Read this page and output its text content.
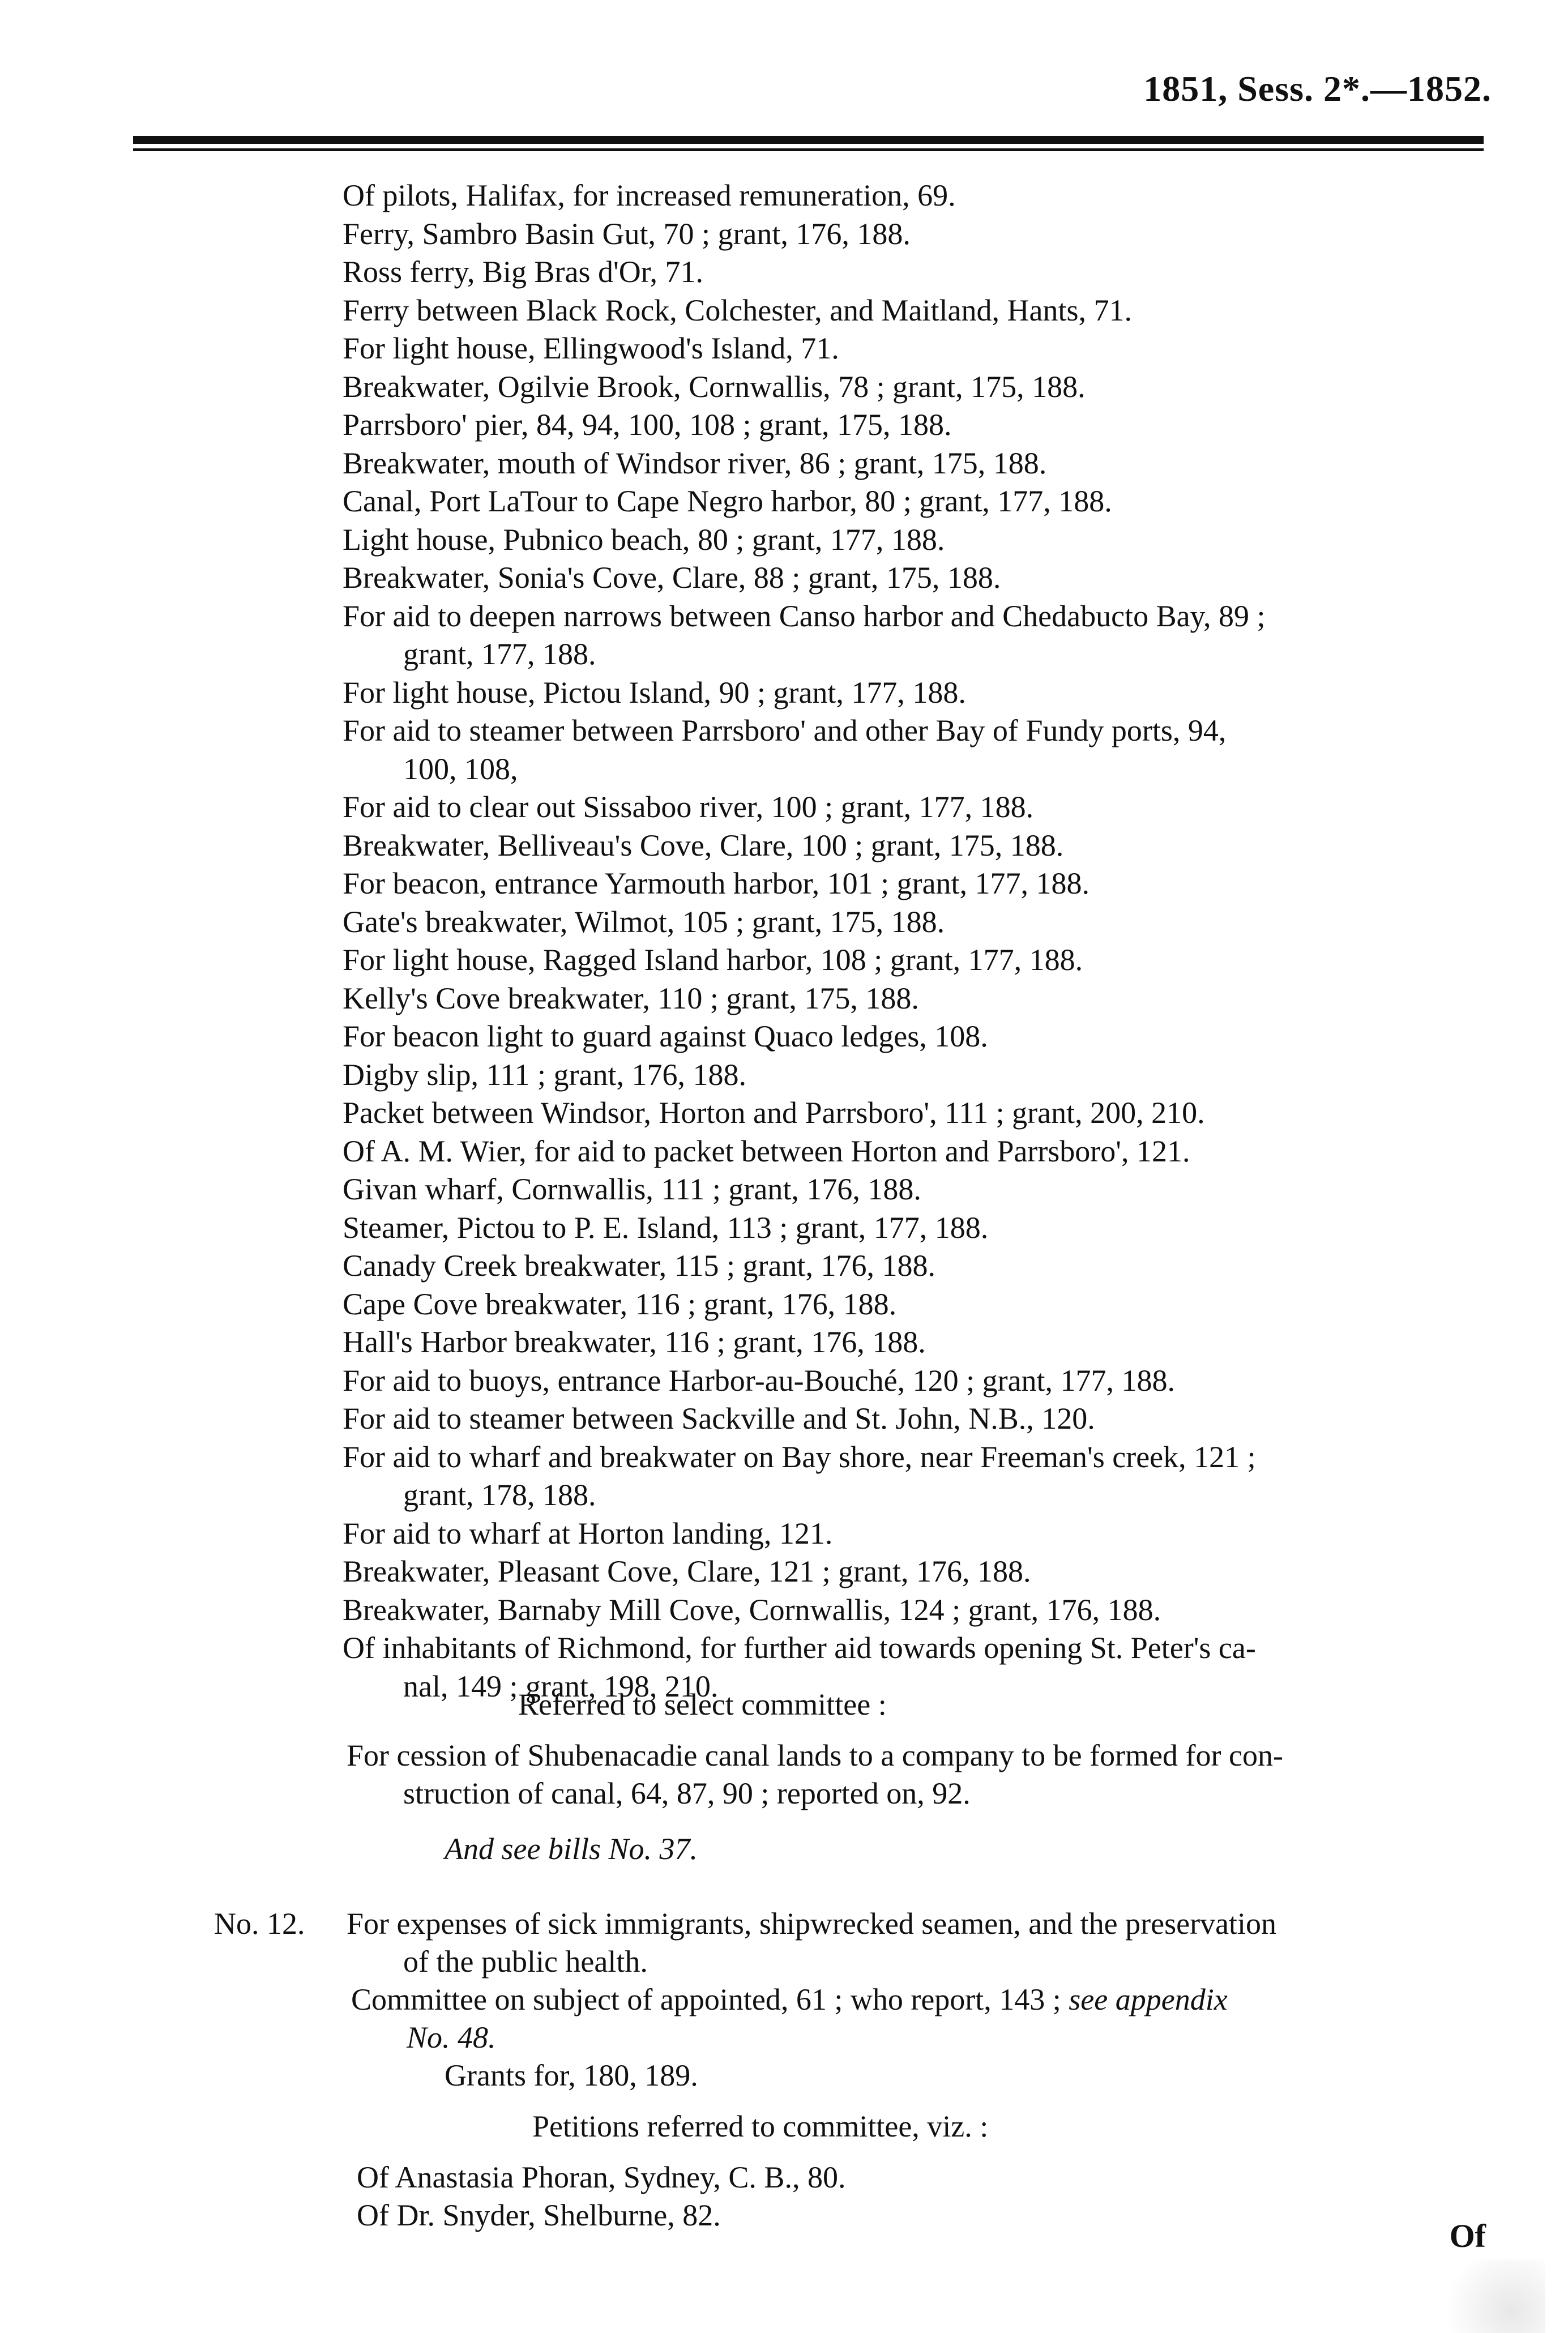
1851, Sess. 2*.—1852.
Of pilots, Halifax, for increased remuneration, 69.
Ferry, Sambro Basin Gut, 70 ; grant, 176, 188.
Ross ferry, Big Bras d'Or, 71.
Ferry between Black Rock, Colchester, and Maitland, Hants, 71.
For light house, Ellingwood's Island, 71.
Breakwater, Ogilvie Brook, Cornwallis, 78 ; grant, 175, 188.
Parrsboro' pier, 84, 94, 100, 108 ; grant, 175, 188.
Breakwater, mouth of Windsor river, 86 ; grant, 175, 188.
Canal, Port LaTour to Cape Negro harbor, 80 ; grant, 177, 188.
Light house, Pubnico beach, 80 ; grant, 177, 188.
Breakwater, Sonia's Cove, Clare, 88 ; grant, 175, 188.
For aid to deepen narrows between Canso harbor and Chedabucto Bay, 89 ;
grant, 177, 188.
For light house, Pictou Island, 90 ; grant, 177, 188.
For aid to steamer between Parrsboro' and other Bay of Fundy ports, 94,
100, 108,
For aid to clear out Sissaboo river, 100 ; grant, 177, 188.
Breakwater, Belliveau's Cove, Clare, 100 ; grant, 175, 188.
For beacon, entrance Yarmouth harbor, 101 ; grant, 177, 188.
Gate's breakwater, Wilmot, 105 ; grant, 175, 188.
For light house, Ragged Island harbor, 108 ; grant, 177, 188.
Kelly's Cove breakwater, 110 ; grant, 175, 188.
For beacon light to guard against Quaco ledges, 108.
Digby slip, 111 ; grant, 176, 188.
Packet between Windsor, Horton and Parrsboro', 111 ; grant, 200, 210.
Of A. M. Wier, for aid to packet between Horton and Parrsboro', 121.
Givan wharf, Cornwallis, 111 ; grant, 176, 188.
Steamer, Pictou to P. E. Island, 113 ; grant, 177, 188.
Canady Creek breakwater, 115 ; grant, 176, 188.
Cape Cove breakwater, 116 ; grant, 176, 188.
Hall's Harbor breakwater, 116 ; grant, 176, 188.
For aid to buoys, entrance Harbor-au-Bouché, 120 ; grant, 177, 188.
For aid to steamer between Sackville and St. John, N.B., 120.
For aid to wharf and breakwater on Bay shore, near Freeman's creek, 121 ;
grant, 178, 188.
For aid to wharf at Horton landing, 121.
Breakwater, Pleasant Cove, Clare, 121 ; grant, 176, 188.
Breakwater, Barnaby Mill Cove, Cornwallis, 124 ; grant, 176, 188.
Of inhabitants of Richmond, for further aid towards opening St. Peter's ca-
nal, 149 ; grant, 198, 210.
Referred to select committee :
For cession of Shubenacadie canal lands to a company to be formed for con-
struction of canal, 64, 87, 90 ; reported on, 92.
And see bills No. 37.
No. 12. For expenses of sick immigrants, shipwrecked seamen, and the preservation
of the public health.
Committee on subject of appointed, 61 ; who report, 143 ; see appendix
No. 48.
Grants for, 180, 189.
Petitions referred to committee, viz. :
Of Anastasia Phoran, Sydney, C. B., 80.
Of Dr. Snyder, Shelburne, 82.
Of
